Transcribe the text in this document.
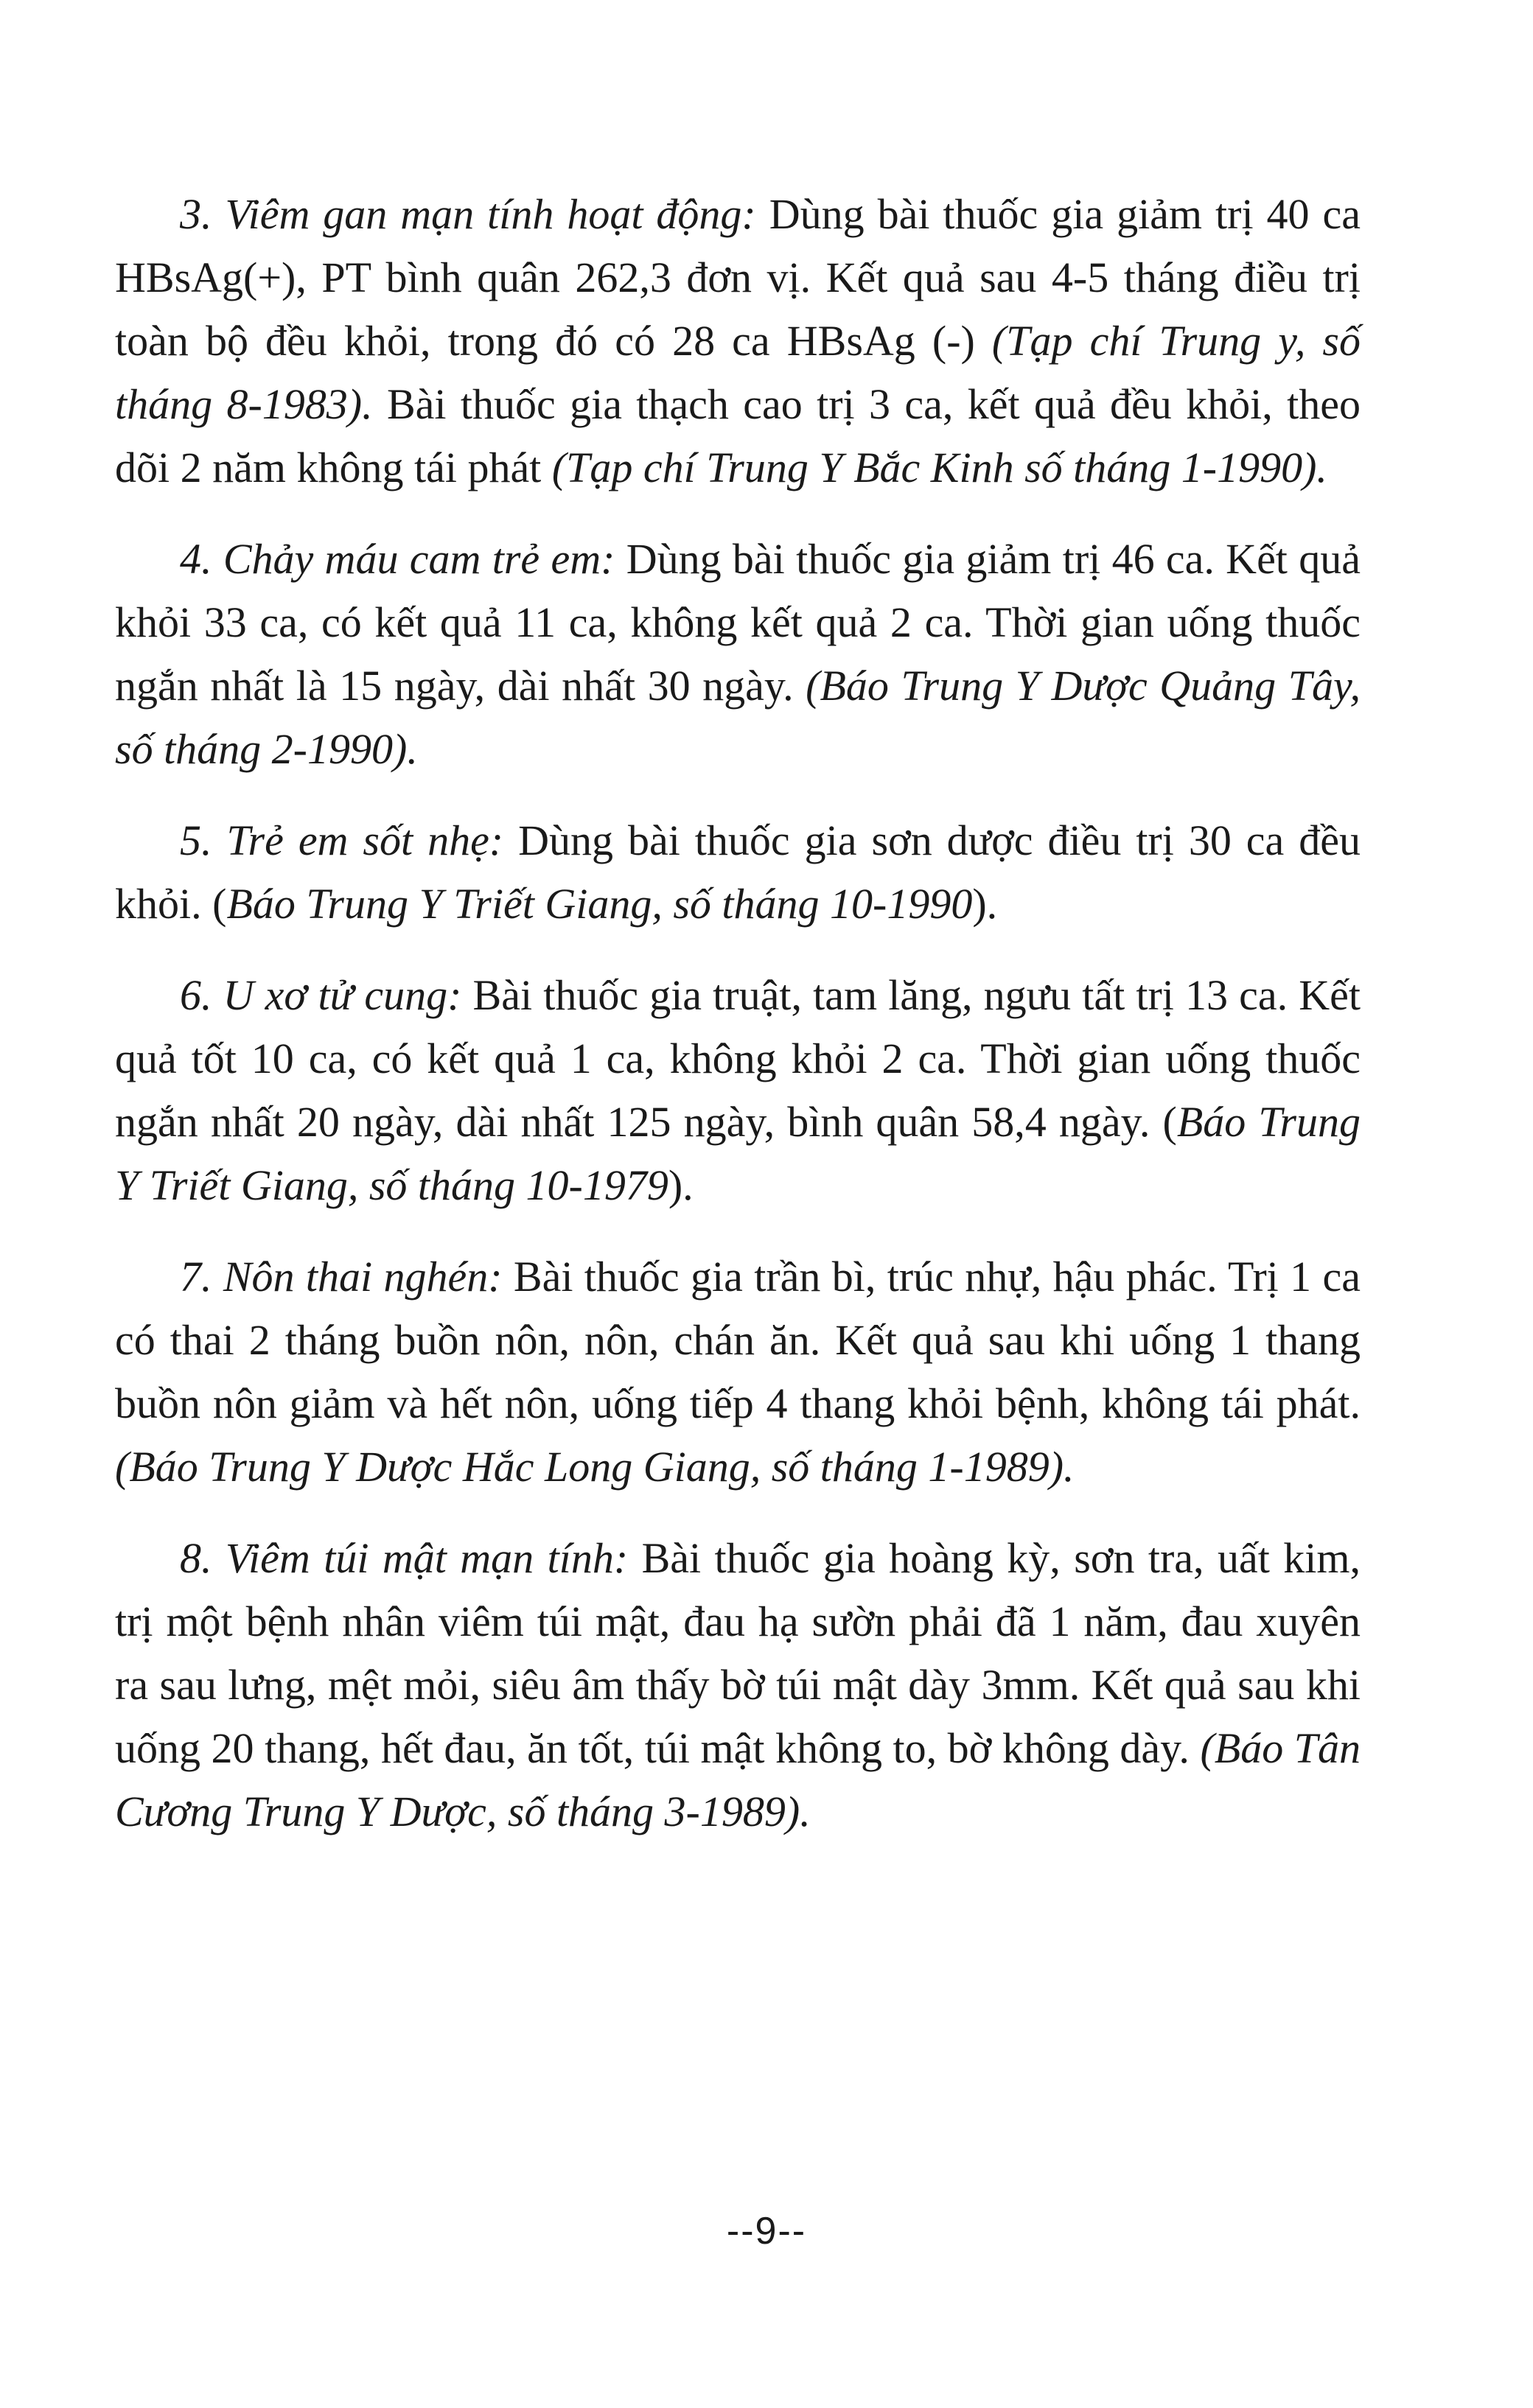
3. Viêm gan mạn tính hoạt động: Dùng bài thuốc gia giảm trị 40 ca HBsAg(+), PT bình quân 262,3 đơn vị. Kết quả sau 4-5 tháng điều trị toàn bộ đều khỏi, trong đó có 28 ca HBsAg (-) (Tạp chí Trung y, số tháng 8-1983). Bài thuốc gia thạch cao trị 3 ca, kết quả đều khỏi, theo dõi 2 năm không tái phát (Tạp chí Trung Y Bắc Kinh số tháng 1-1990).

4. Chảy máu cam trẻ em: Dùng bài thuốc gia giảm trị 46 ca. Kết quả khỏi 33 ca, có kết quả 11 ca, không kết quả 2 ca. Thời gian uống thuốc ngắn nhất là 15 ngày, dài nhất 30 ngày. (Báo Trung Y Dược Quảng Tây, số tháng 2-1990).

5. Trẻ em sốt nhẹ: Dùng bài thuốc gia sơn dược điều trị 30 ca đều khỏi. (Báo Trung Y Triết Giang, số tháng 10-1990).

6. U xơ tử cung: Bài thuốc gia truật, tam lăng, ngưu tất trị 13 ca. Kết quả tốt 10 ca, có kết quả 1 ca, không khỏi 2 ca. Thời gian uống thuốc ngắn nhất 20 ngày, dài nhất 125 ngày, bình quân 58,4 ngày. (Báo Trung Y Triết Giang, số tháng 10-1979).

7. Nôn thai nghén: Bài thuốc gia trần bì, trúc nhự, hậu phác. Trị 1 ca có thai 2 tháng buồn nôn, nôn, chán ăn. Kết quả sau khi uống 1 thang buồn nôn giảm và hết nôn, uống tiếp 4 thang khỏi bệnh, không tái phát. (Báo Trung Y Dược Hắc Long Giang, số tháng 1-1989).

8. Viêm túi mật mạn tính: Bài thuốc gia hoàng kỳ, sơn tra, uất kim, trị một bệnh nhân viêm túi mật, đau hạ sườn phải đã 1 năm, đau xuyên ra sau lưng, mệt mỏi, siêu âm thấy bờ túi mật dày 3mm. Kết quả sau khi uống 20 thang, hết đau, ăn tốt, túi mật không to, bờ không dày. (Báo Tân Cương Trung Y Dược, số tháng 3-1989).

--9--
